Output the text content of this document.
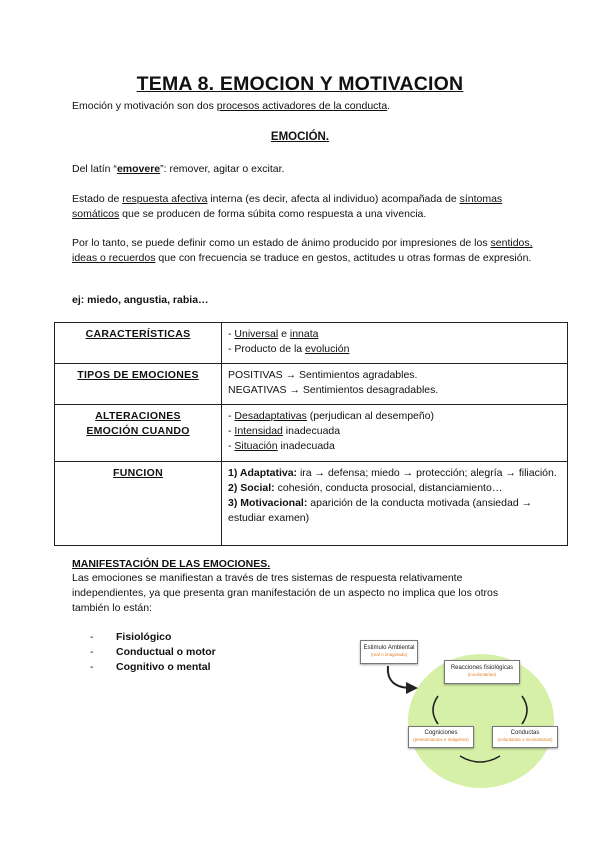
TEMA 8. EMOCION Y MOTIVACION
Emoción y motivación son dos procesos activadores de la conducta.
EMOCIÓN.
Del latín “emovere”: remover, agitar o excitar.
Estado de respuesta afectiva interna (es decir, afecta al individuo) acompañada de síntomas somáticos que se producen de forma súbita como respuesta a una vivencia.
Por lo tanto, se puede definir como un estado de ánimo producido por impresiones de los sentidos, ideas o recuerdos que con frecuencia se traduce en gestos, actitudes u otras formas de expresión.
ej: miedo, angustia, rabia…
CARACTERÍSTICAS	- Universal e innata
- Producto de la evolución

TIPOS DE EMOCIONES	POSITIVAS → Sentimientos agradables.
NEGATIVAS → Sentimientos desagradables.

ALTERACIONES EMOCIÓN CUANDO	- Desadaptativas (perjudican al desempeño)
- Intensidad inadecuada
- Situación inadecuada

FUNCION	1) Adaptativa: ira → defensa; miedo → protección; alegría → filiación.
2) Social: cohesión, conducta prosocial, distanciamiento…
3) Motivacional: aparición de la conducta motivada (ansiedad → estudiar examen)
MANIFESTACIÓN DE LAS EMOCIONES.
Las emociones se manifiestan a través de tres sistemas de respuesta relativamente independientes, ya que presenta gran manifestación de un aspecto no implica que los otros también lo están:
- Fisiológico
- Conductual o motor
- Cognitivo o mental
Estimulo Ambiental
(real o imaginado)
Reacciones fisiológicas
(involuntarias)
Cogniciones
(pensamientos e imágenes)
Conductas
(voluntarias o involuntarias)
